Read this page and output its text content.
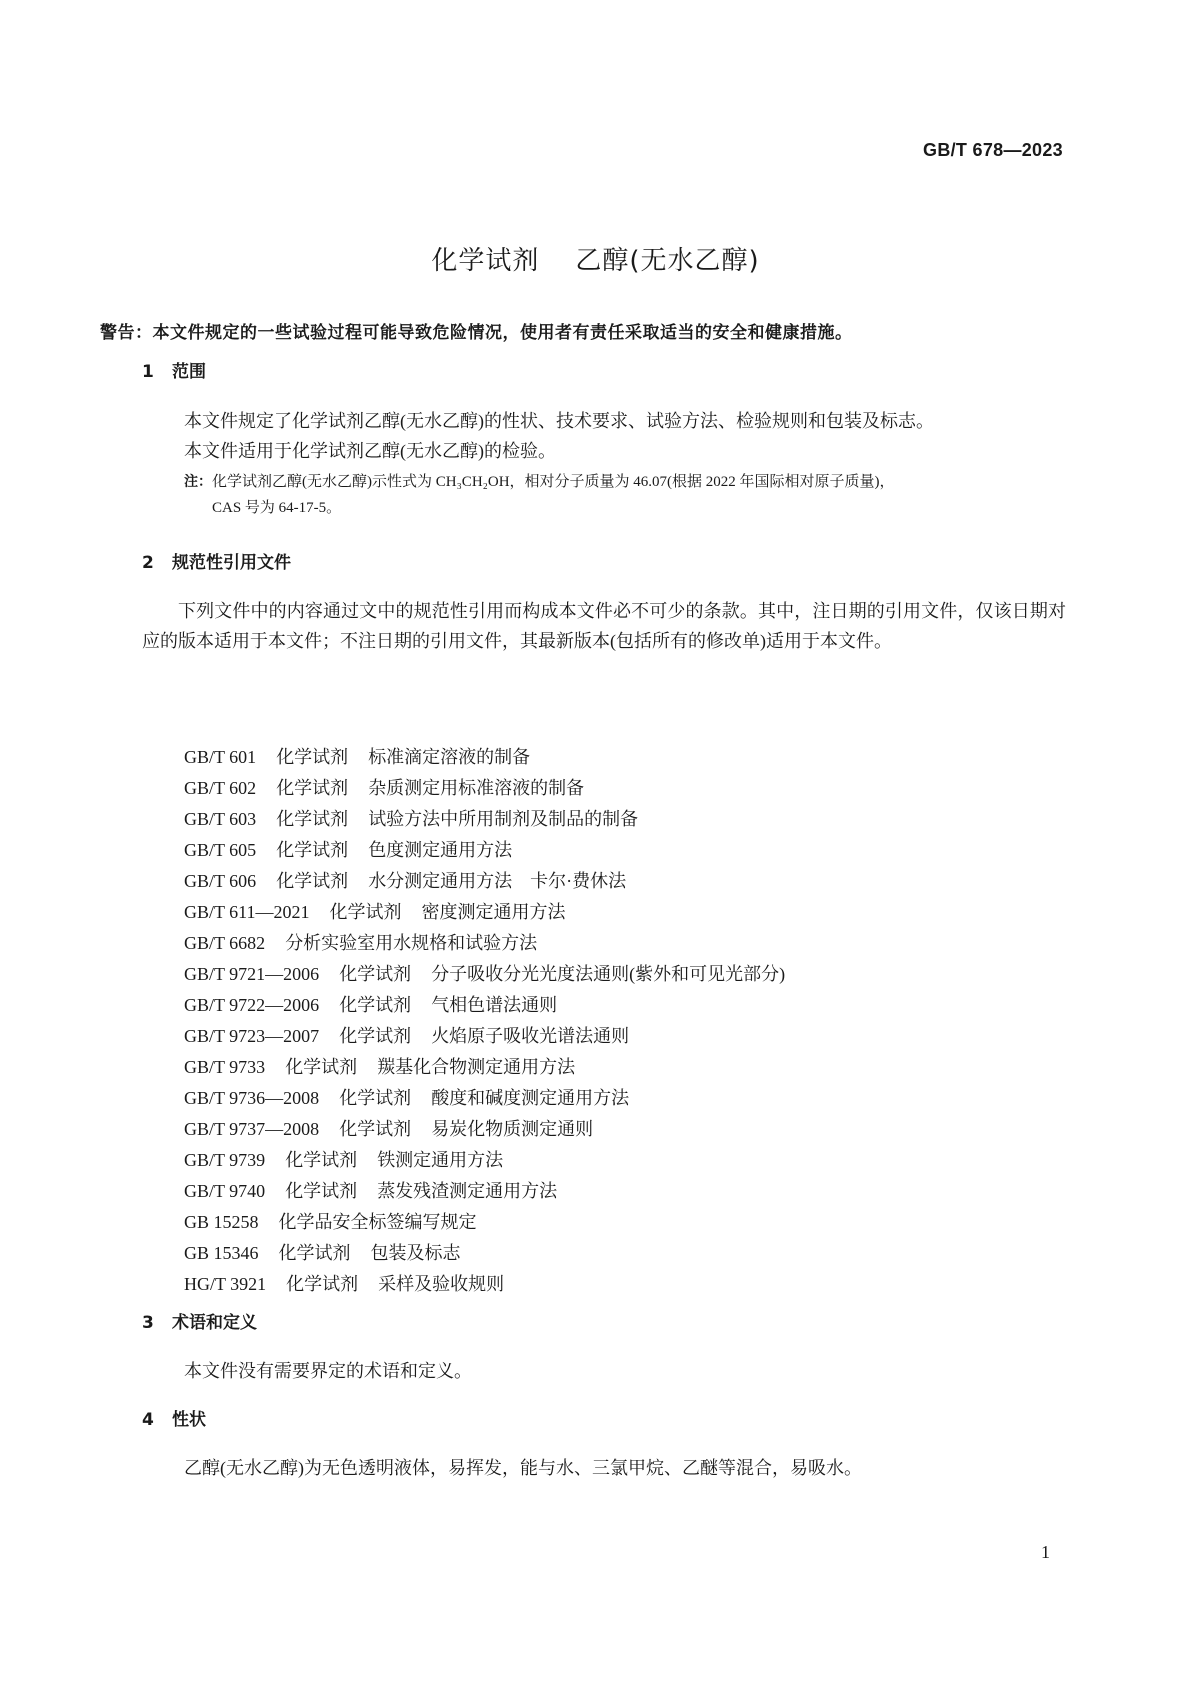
GB/T 678—2023
化学试剂 乙醇(无水乙醇)
警告：本文件规定的一些试验过程可能导致危险情况，使用者有责任采取适当的安全和健康措施。
1 范围
本文件规定了化学试剂乙醇(无水乙醇)的性状、技术要求、试验方法、检验规则和包装及标志。
本文件适用于化学试剂乙醇(无水乙醇)的检验。
注：化学试剂乙醇(无水乙醇)示性式为 CH₃CH₂OH，相对分子质量为 46.07(根据 2022 年国际相对原子质量)，
CAS 号为 64-17-5。
2 规范性引用文件
下列文件中的内容通过文中的规范性引用而构成本文件必不可少的条款。其中，注日期的引用文件，仅该日期对应的版本适用于本文件；不注日期的引用文件，其最新版本(包括所有的修改单)适用于本文件。
GB/T 601 化学试剂 标准滴定溶液的制备
GB/T 602 化学试剂 杂质测定用标准溶液的制备
GB/T 603 化学试剂 试验方法中所用制剂及制品的制备
GB/T 605 化学试剂 色度测定通用方法
GB/T 606 化学试剂 水分测定通用方法　卡尔·费休法
GB/T 611—2021 化学试剂 密度测定通用方法
GB/T 6682 分析实验室用水规格和试验方法
GB/T 9721—2006 化学试剂 分子吸收分光光度法通则(紫外和可见光部分)
GB/T 9722—2006 化学试剂 气相色谱法通则
GB/T 9723—2007 化学试剂 火焰原子吸收光谱法通则
GB/T 9733 化学试剂 羰基化合物测定通用方法
GB/T 9736—2008 化学试剂 酸度和碱度测定通用方法
GB/T 9737—2008 化学试剂 易炭化物质测定通则
GB/T 9739 化学试剂 铁测定通用方法
GB/T 9740 化学试剂 蒸发残渣测定通用方法
GB 15258 化学品安全标签编写规定
GB 15346 化学试剂 包装及标志
HG/T 3921 化学试剂 采样及验收规则
3 术语和定义
本文件没有需要界定的术语和定义。
4 性状
乙醇(无水乙醇)为无色透明液体，易挥发，能与水、三氯甲烷、乙醚等混合，易吸水。
1
